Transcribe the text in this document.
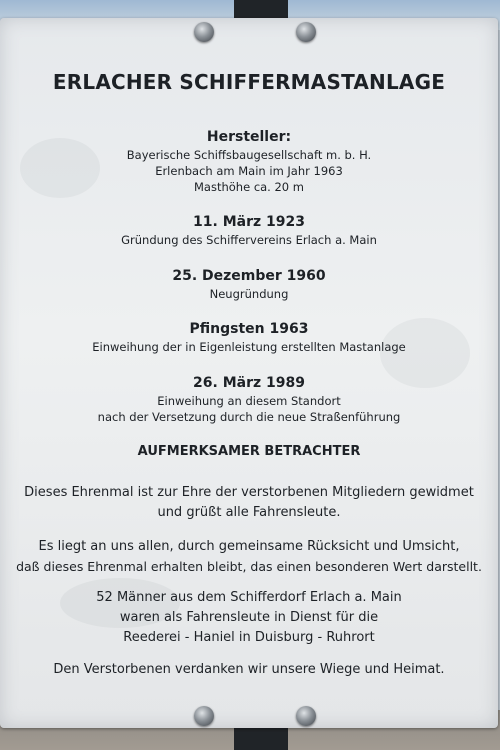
ERLACHER SCHIFFERMASTANLAGE
Hersteller:
Bayerische Schiffsbaugesellschaft m. b. H.
Erlenbach am Main im Jahr 1963
Masthöhe ca. 20 m
11. März 1923
Gründung des Schiffervereins Erlach a. Main
25. Dezember 1960
Neugründung
Pfingsten 1963
Einweihung der in Eigenleistung erstellten Mastanlage
26. März 1989
Einweihung an diesem Standort
nach der Versetzung durch die neue Straßenführung
AUFMERKSAMER BETRACHTER
Dieses Ehrenmal ist zur Ehre der verstorbenen Mitgliedern gewidmet
und grüßt alle Fahrensleute.
Es liegt an uns allen, durch gemeinsame Rücksicht und Umsicht,
daß dieses Ehrenmal erhalten bleibt, das einen besonderen Wert darstellt.
52 Männer aus dem Schifferdorf Erlach a. Main
waren als Fahrensleute in Dienst für die
Reederei - Haniel in Duisburg - Ruhrort
Den Verstorbenen verdanken wir unsere Wiege und Heimat.
